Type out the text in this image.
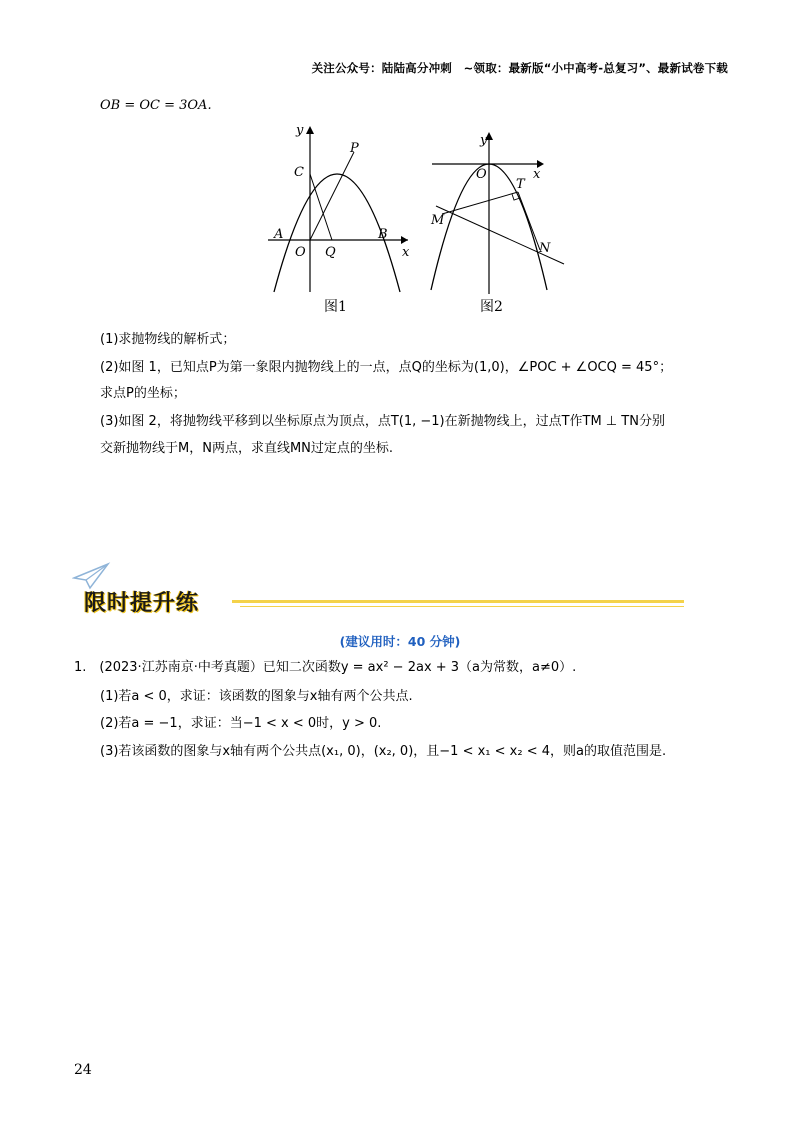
关注公众号：陆陆高分冲刺　~领取：最新版“小中高考-总复习”、最新试卷下载
OB = OC = 3OA.
y
x
C
P
A	B
O Q
图1
y
x
O
T
M
N
图2
(1)求抛物线的解析式；
(2)如图 1，已知点P为第一象限内抛物线上的一点，点Q的坐标为(1,0)，∠POC + ∠OCQ = 45°；
求点P的坐标；
(3)如图 2，将抛物线平移到以坐标原点为顶点，点T(1, −1)在新抛物线上，过点T作TM ⊥ TN分别
交新抛物线于M，N两点，求直线MN过定点的坐标.
限时提升练
(建议用时：40 分钟)
1.　(2023·江苏南京·中考真题）已知二次函数y = ax² − 2ax + 3（a为常数，a≠0）.
(1)若a < 0，求证：该函数的图象与x轴有两个公共点.
(2)若a = −1，求证：当−1 < x < 0时，y > 0.
(3)若该函数的图象与x轴有两个公共点(x₁, 0)，(x₂, 0)，且−1 < x₁ < x₂ < 4，则a的取值范围是.
24
